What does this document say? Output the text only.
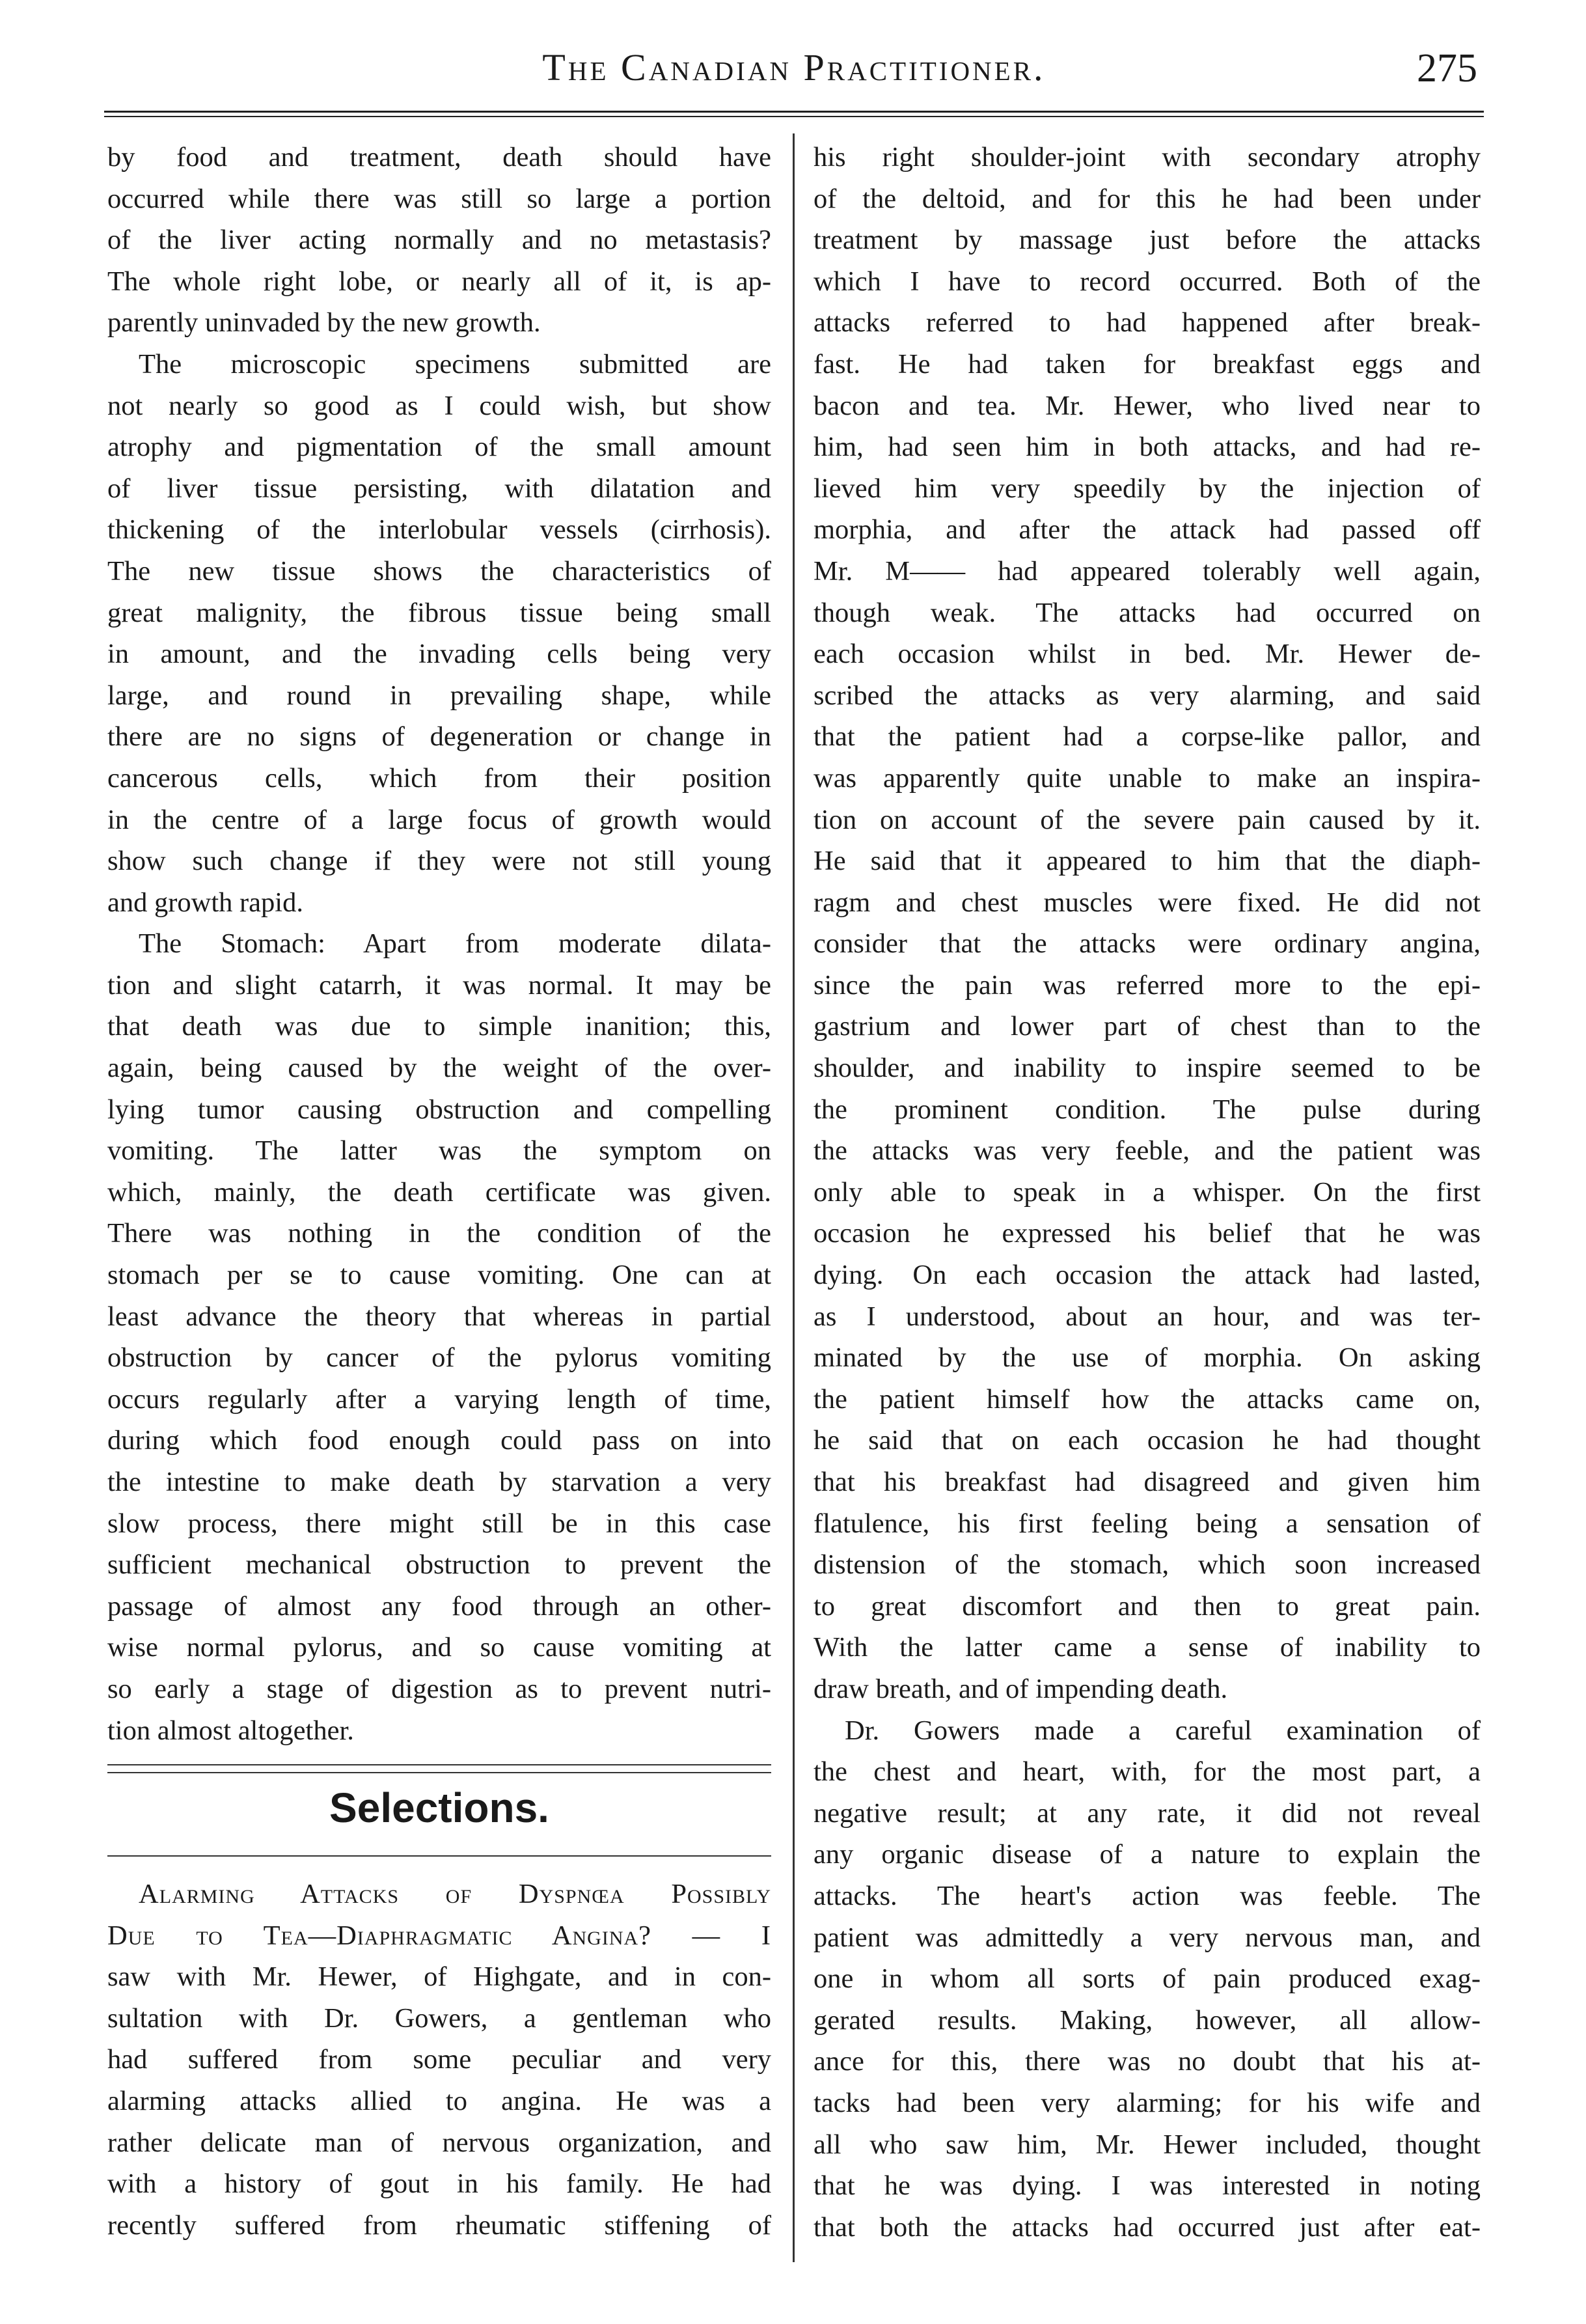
The Canadian Practitioner.	275
by food and treatment, death should have
occurred while there was still so large a portion
of the liver acting normally and no metastasis?
The whole right lobe, or nearly all of it, is ap-
parently uninvaded by the new growth.
The microscopic specimens submitted are
not nearly so good as I could wish, but show
atrophy and pigmentation of the small amount
of liver tissue persisting, with dilatation and
thickening of the interlobular vessels (cirrhosis).
The new tissue shows the characteristics of
great malignity, the fibrous tissue being small
in amount, and the invading cells being very
large, and round in prevailing shape, while
there are no signs of degeneration or change in
cancerous cells, which from their position
in the centre of a large focus of growth would
show such change if they were not still young
and growth rapid.
The Stomach: Apart from moderate dilata-
tion and slight catarrh, it was normal. It may be
that death was due to simple inanition; this,
again, being caused by the weight of the over-
lying tumor causing obstruction and compelling
vomiting. The latter was the symptom on
which, mainly, the death certificate was given.
There was nothing in the condition of the
stomach per se to cause vomiting. One can at
least advance the theory that whereas in partial
obstruction by cancer of the pylorus vomiting
occurs regularly after a varying length of time,
during which food enough could pass on into
the intestine to make death by starvation a very
slow process, there might still be in this case
sufficient mechanical obstruction to prevent the
passage of almost any food through an other-
wise normal pylorus, and so cause vomiting at
so early a stage of digestion as to prevent nutri-
tion almost altogether.
Selections.
Alarming Attacks of Dyspnœa Possibly
Due to Tea—Diaphragmatic Angina? — I
saw with Mr. Hewer, of Highgate, and in con-
sultation with Dr. Gowers, a gentleman who
had suffered from some peculiar and very
alarming attacks allied to angina. He was a
rather delicate man of nervous organization, and
with a history of gout in his family. He had
recently suffered from rheumatic stiffening of
his right shoulder-joint with secondary atrophy
of the deltoid, and for this he had been under
treatment by massage just before the attacks
which I have to record occurred. Both of the
attacks referred to had happened after break-
fast. He had taken for breakfast eggs and
bacon and tea. Mr. Hewer, who lived near to
him, had seen him in both attacks, and had re-
lieved him very speedily by the injection of
morphia, and after the attack had passed off
Mr. M—— had appeared tolerably well again,
though weak. The attacks had occurred on
each occasion whilst in bed. Mr. Hewer de-
scribed the attacks as very alarming, and said
that the patient had a corpse-like pallor, and
was apparently quite unable to make an inspira-
tion on account of the severe pain caused by it.
He said that it appeared to him that the diaph-
ragm and chest muscles were fixed. He did not
consider that the attacks were ordinary angina,
since the pain was referred more to the epi-
gastrium and lower part of chest than to the
shoulder, and inability to inspire seemed to be
the prominent condition. The pulse during
the attacks was very feeble, and the patient was
only able to speak in a whisper. On the first
occasion he expressed his belief that he was
dying. On each occasion the attack had lasted,
as I understood, about an hour, and was ter-
minated by the use of morphia. On asking
the patient himself how the attacks came on,
he said that on each occasion he had thought
that his breakfast had disagreed and given him
flatulence, his first feeling being a sensation of
distension of the stomach, which soon increased
to great discomfort and then to great pain.
With the latter came a sense of inability to
draw breath, and of impending death.
Dr. Gowers made a careful examination of
the chest and heart, with, for the most part, a
negative result; at any rate, it did not reveal
any organic disease of a nature to explain the
attacks. The heart's action was feeble. The
patient was admittedly a very nervous man, and
one in whom all sorts of pain produced exag-
gerated results. Making, however, all allow-
ance for this, there was no doubt that his at-
tacks had been very alarming; for his wife and
all who saw him, Mr. Hewer included, thought
that he was dying. I was interested in noting
that both the attacks had occurred just after eat-
